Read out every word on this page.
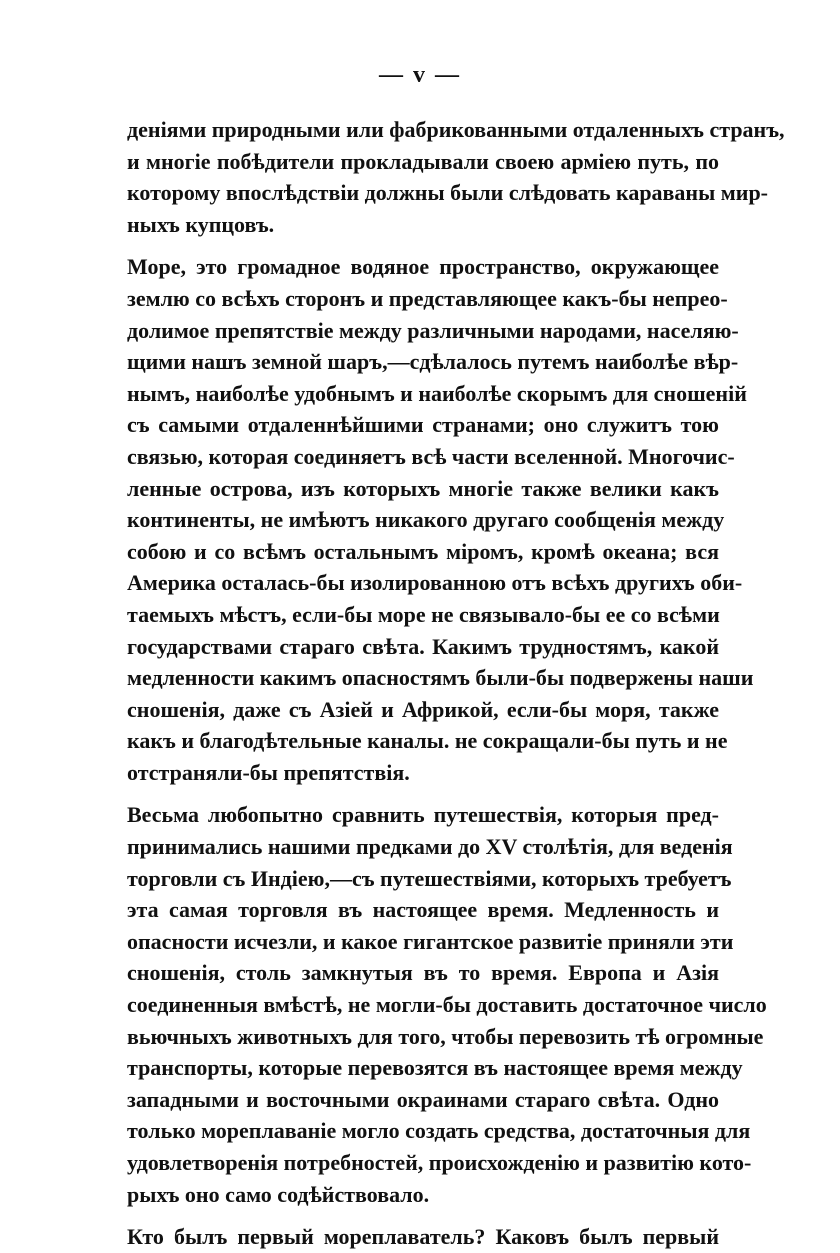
— v —
деніями природными или фабрикованными отдаленныхъ странъ,
и многіе побѣдители прокладывали своею арміею путь, по
которому впослѣдствіи должны были слѣдовать караваны мир-
ныхъ купцовъ.
Море, это громадное водяное пространство, окружающее
землю со всѣхъ сторонъ и представляющее какъ-бы непрео-
долимое препятствіе между различными народами, населяю-
щими нашъ земной шаръ,—сдѣлалось путемъ наиболѣе вѣр-
нымъ, наиболѣе удобнымъ и наиболѣе скорымъ для сношеній
съ самыми отдаленнѣйшими странами; оно служитъ тою
связью, которая соединяетъ всѣ части вселенной. Многочис-
ленные острова, изъ которыхъ многіе также велики какъ
континенты, не имѣютъ никакого другаго сообщенія между
собою и со всѣмъ остальнымъ міромъ, кромѣ океана; вся
Америка осталась-бы изолированною отъ всѣхъ другихъ оби-
таемыхъ мѣстъ, если-бы море не связывало-бы ее со всѣми
государствами стараго свѣта. Какимъ трудностямъ, какой
медленности какимъ опасностямъ были-бы подвержены наши
сношенія, даже съ Азіей и Африкой, если-бы моря, также
какъ и благодѣтельные каналы. не сокращали-бы путь и не
отстраняли-бы препятствія.
Весьма любопытно сравнить путешествія, которыя пред-
принимались нашими предками до XV столѣтія, для веденія
торговли съ Индіею,—съ путешествіями, которыхъ требуетъ
эта самая торговля въ настоящее время. Медленность и
опасности исчезли, и какое гигантское развитіе приняли эти
сношенія, столь замкнутыя въ то время. Европа и Азія
соединенныя вмѣстѣ, не могли-бы доставить достаточное число
вьючныхъ животныхъ для того, чтобы перевозить тѣ огромные
транспорты, которые перевозятся въ настоящее время между
западными и восточными окраинами стараго свѣта. Одно
только мореплаваніе могло создать средства, достаточныя для
удовлетворенія потребностей, происхожденію и развитію кото-
рыхъ оно само содѣйствовало.
Кто былъ первый мореплаватель? Каковъ былъ первый
